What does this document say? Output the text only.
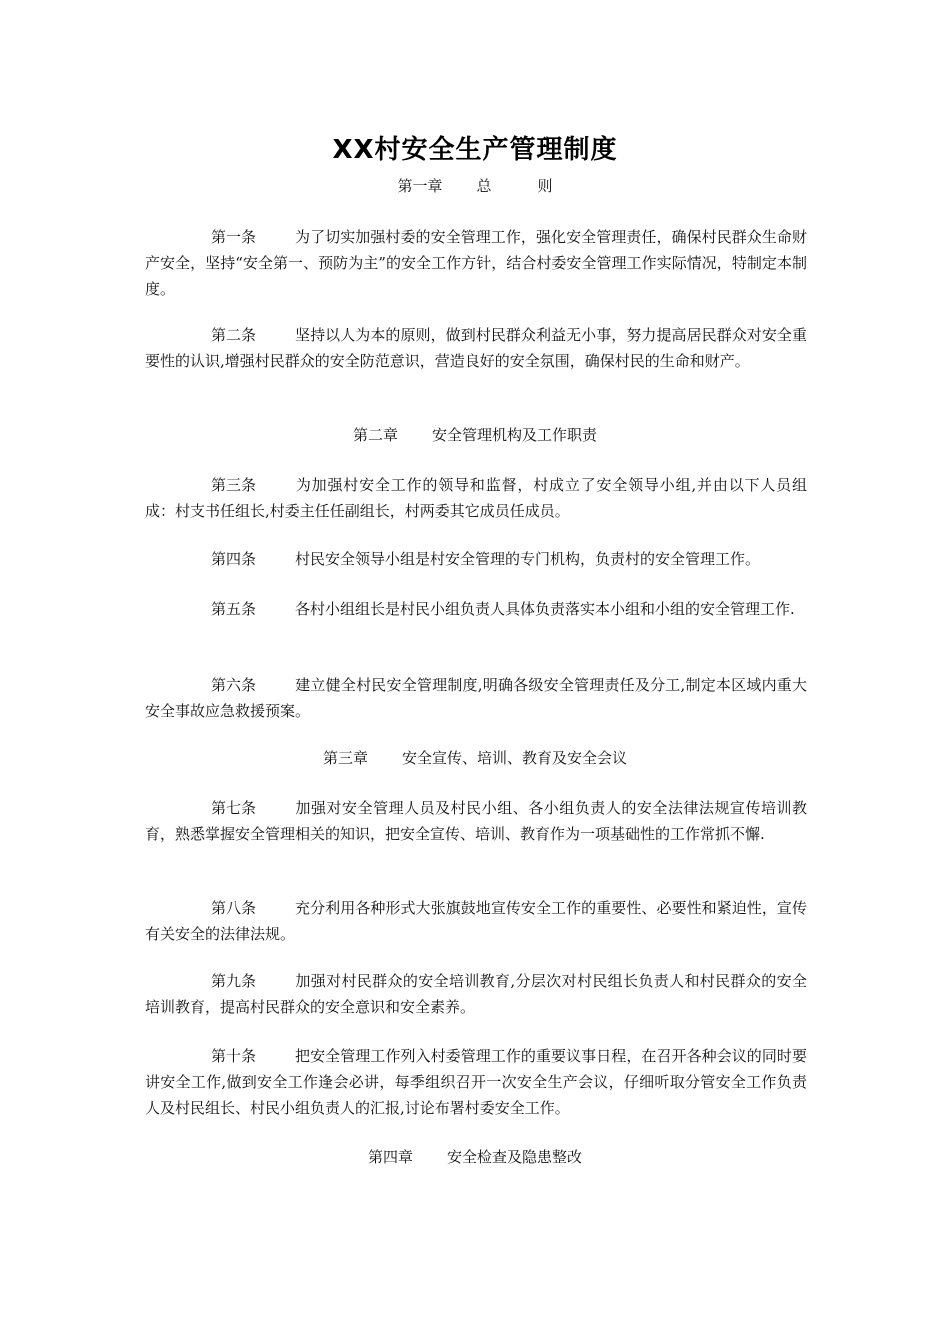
XX村安全生产管理制度
第一章 总	则
第一条	为了切实加强村委的安全管理工作，强化安全管理责任，确保村民群众生命财产安全，坚持“安全第一、预防为主”的安全工作方针，结合村委安全管理工作实际情况，特制定本制度。
第二条	坚持以人为本的原则，做到村民群众利益无小事，努力提高居民群众对安全重要性的认识,增强村民群众的安全防范意识，营造良好的安全氛围，确保村民的生命和财产。
第二章 安全管理机构及工作职责
第三条	为加强村安全工作的领导和监督，村成立了安全领导小组,并由以下人员组成：村支书任组长,村委主任任副组长，村两委其它成员任成员。
第四条	村民安全领导小组是村安全管理的专门机构，负责村的安全管理工作。
第五条	各村小组组长是村民小组负责人具体负责落实本小组和小组的安全管理工作.
第六条	建立健全村民安全管理制度,明确各级安全管理责任及分工,制定本区域内重大安全事故应急救援预案。
第三章 安全宣传、培训、教育及安全会议
第七条	加强对安全管理人员及村民小组、各小组负责人的安全法律法规宣传培训教育，熟悉掌握安全管理相关的知识，把安全宣传、培训、教育作为一项基础性的工作常抓不懈.
第八条	充分利用各种形式大张旗鼓地宣传安全工作的重要性、必要性和紧迫性，宣传有关安全的法律法规。
第九条	加强对村民群众的安全培训教育,分层次对村民组长负责人和村民群众的安全培训教育，提高村民群众的安全意识和安全素养。
第十条	把安全管理工作列入村委管理工作的重要议事日程，在召开各种会议的同时要讲安全工作,做到安全工作逢会必讲，每季组织召开一次安全生产会议，仔细听取分管安全工作负责人及村民组长、村民小组负责人的汇报,讨论布署村委安全工作。
第四章 安全检查及隐患整改
